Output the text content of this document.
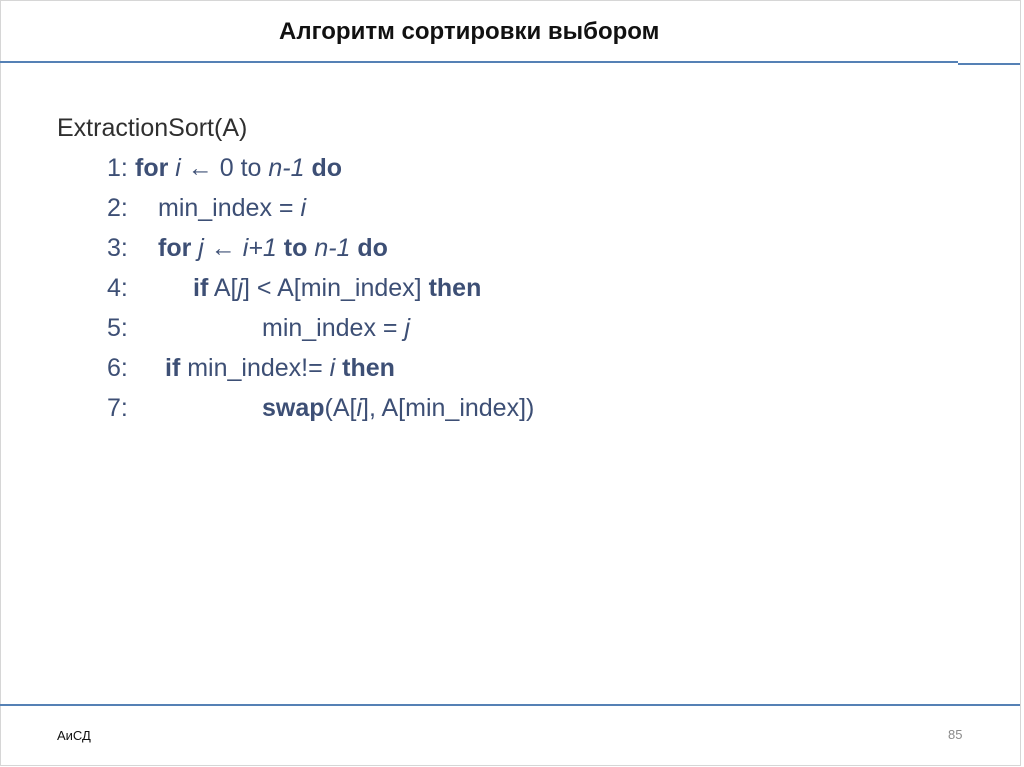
Алгоритм сортировки выбором
ExtractionSort(A)

1:

for i ← 0 to n-1 do

2:

min_index = i

3:

for j ← i+1 to n-1 do

4:

	if A[j] < A[min_index] then

5:

	min_index = j

6:

if min_index!= i then

7:

	swap(A[i], A[min_index])

АиСД	85
